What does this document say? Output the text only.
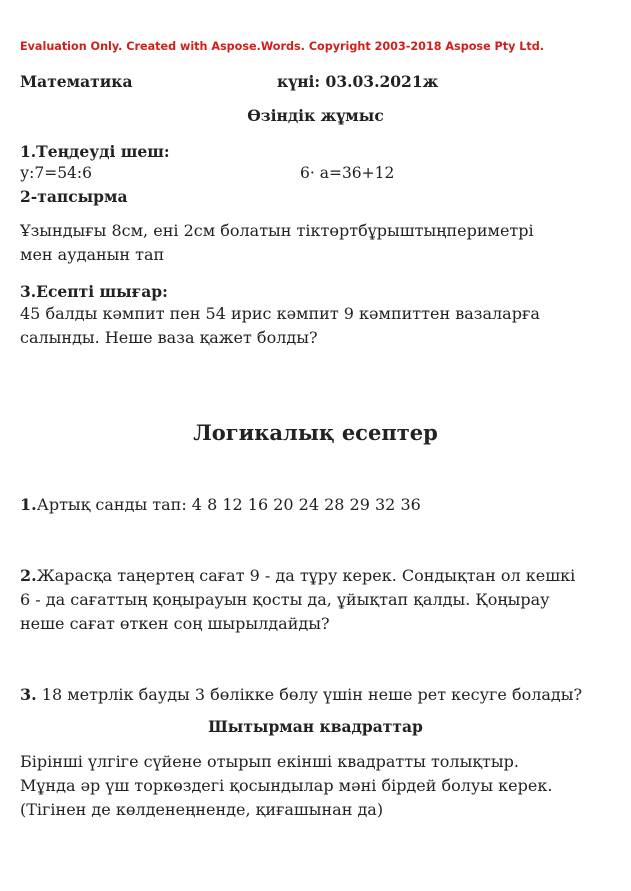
Evaluation Only. Created with Aspose.Words. Copyright 2003-2018 Aspose Pty Ltd.
Математика	күні: 03.03.2021ж
Өзіндік жұмыс
1.Теңдеуді шеш:
у:7=54:6	6· а=36+12
2-тапсырма
Ұзындығы 8см, ені 2см болатын тіктөртбұрыштыңпериметрі
мен ауданын тап
3.Есепті шығар:
45 балды кәмпит пен 54 ирис кәмпит 9 кәмпиттен вазаларға
салынды. Неше ваза қажет болды?
Логикалық есептер
1.Артық санды тап: 4 8 12 16 20 24 28 29 32 36
2.Жарасқа таңертең сағат 9 - да тұру керек. Сондықтан ол кешкі
6 - да сағаттың қоңырауын қосты да, ұйықтап қалды. Қоңырау
неше сағат өткен соң шырылдайды?
3. 18 метрлік бауды 3 бөлікке бөлу үшін неше рет кесуге болады?
Шытырман квадраттар
Бірінші үлгіге сүйене отырып екінші квадратты толықтыр.
Мұнда әр үш торкөздегі қосындылар мәні бірдей болуы керек.
(Тігінен де көлденеңненде, қиғашынан да)
